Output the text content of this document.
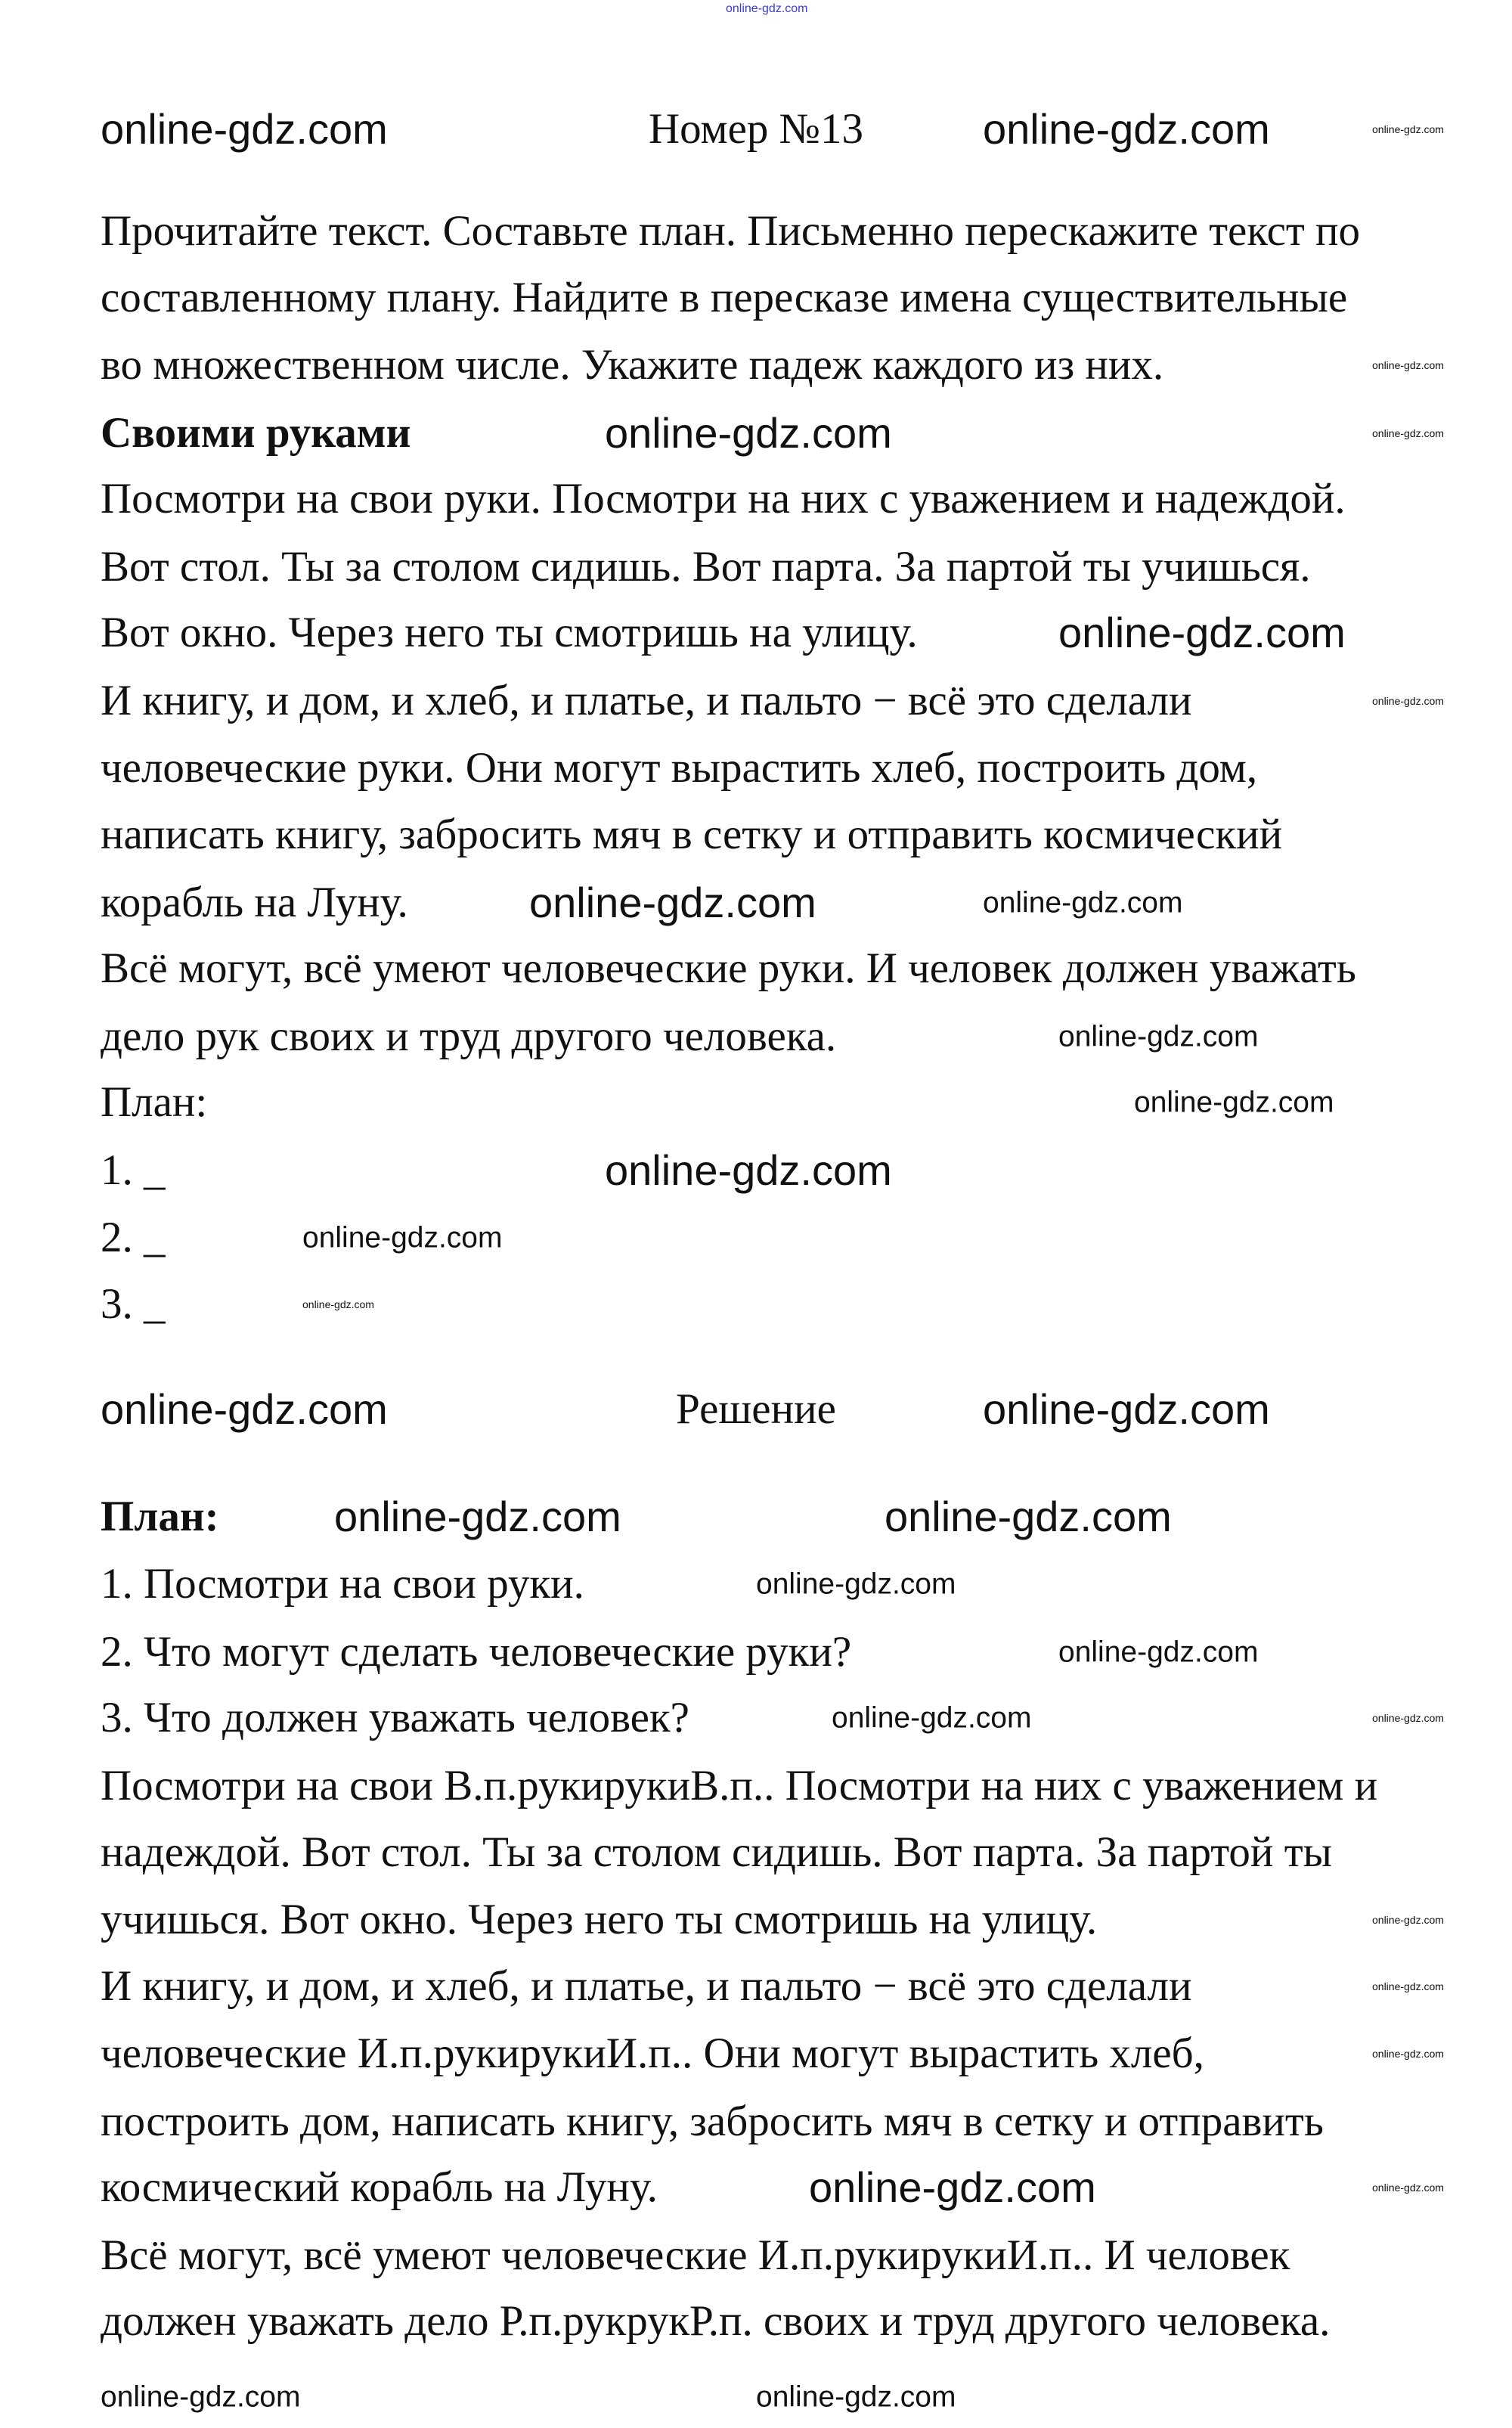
Номер №13
Прочитайте текст. Составьте план. Письменно перескажите текст по
составленному плану. Найдите в пересказе имена существительные
во множественном числе. Укажите падеж каждого из них.
Своими руками
Посмотри на свои руки. Посмотри на них с уважением и надеждой.
Вот стол. Ты за столом сидишь. Вот парта. За партой ты учишься.
Вот окно. Через него ты смотришь на улицу.
И книгу, и дом, и хлеб, и платье, и пальто − всё это сделали
человеческие руки. Они могут вырастить хлеб, построить дом,
написать книгу, забросить мяч в сетку и отправить космический
корабль на Луну.
Всё могут, всё умеют человеческие руки. И человек должен уважать
дело рук своих и труд другого человека.
План:
1. _
2. _
3. _
Решение
План:
1. Посмотри на свои руки.
2. Что могут сделать человеческие руки?
3. Что должен уважать человек?
Посмотри на свои В.п.рукирукиВ.п.. Посмотри на них с уважением и
надеждой. Вот стол. Ты за столом сидишь. Вот парта. За партой ты
учишься. Вот окно. Через него ты смотришь на улицу.
И книгу, и дом, и хлеб, и платье, и пальто − всё это сделали
человеческие И.п.рукирукиИ.п.. Они могут вырастить хлеб,
построить дом, написать книгу, забросить мяч в сетку и отправить
космический корабль на Луну.
Всё могут, всё умеют человеческие И.п.рукирукиИ.п.. И человек
должен уважать дело Р.п.рукрукР.п. своих и труд другого человека.
online-gdz.com
online-gdz.com	online-gdz.com	online-gdz.com
online-gdz.com
online-gdz.com	online-gdz.com
online-gdz.com
online-gdz.com
online-gdz.com	online-gdz.com
online-gdz.com
online-gdz.com
online-gdz.com
online-gdz.com
online-gdz.com
online-gdz.com	online-gdz.com
online-gdz.com	online-gdz.com
online-gdz.com
online-gdz.com
online-gdz.com	online-gdz.com
online-gdz.com
online-gdz.com
online-gdz.com
online-gdz.com	online-gdz.com
online-gdz.com	online-gdz.com
